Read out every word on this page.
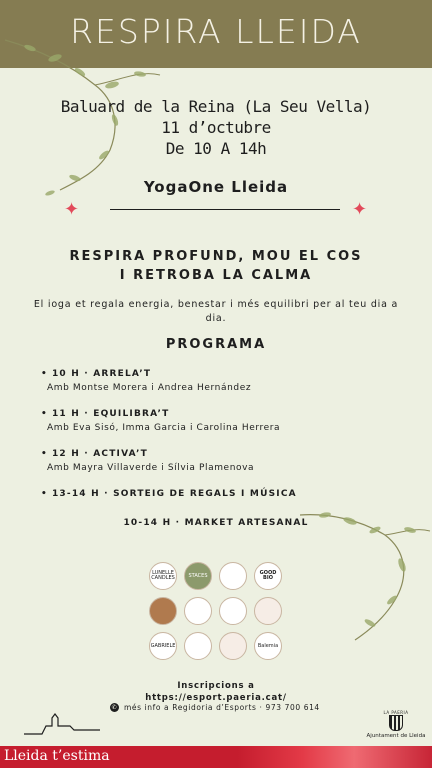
RESPIRA LLEIDA
Baluard de la Reina (La Seu Vella)
11 d’octubre
De 10 A 14h
YogaOne Lleida
✦	✦
RESPIRA PROFUND, MOU EL COS
I RETROBA LA CALMA
El ioga et regala energia, benestar i més equilibri per al teu dia a dia.
PROGRAMA
• 10 H · ARRELA’T
Amb Montse Morera i Andrea Hernández
• 11 H · EQUILIBRA’T
Amb Eva Sisó, Imma Garcia i Carolina Herrera
• 12 H · ACTIVA’T
Amb Mayra Villaverde i Sílvia Plamenova
• 13-14 H · SORTEIG DE REGALS I MÚSICA
10-14 H · MARKET ARTESANAL
LUNELLE CANDLES	STACES	GOOD BIO
GABRIELE	Balemia
Inscripcions a
https://esport.paeria.cat/
✆ més info a Regidoria d’Esports · 973 700 614
LA PAERIA
Ajuntament de Lleida
Lleida t’estima
